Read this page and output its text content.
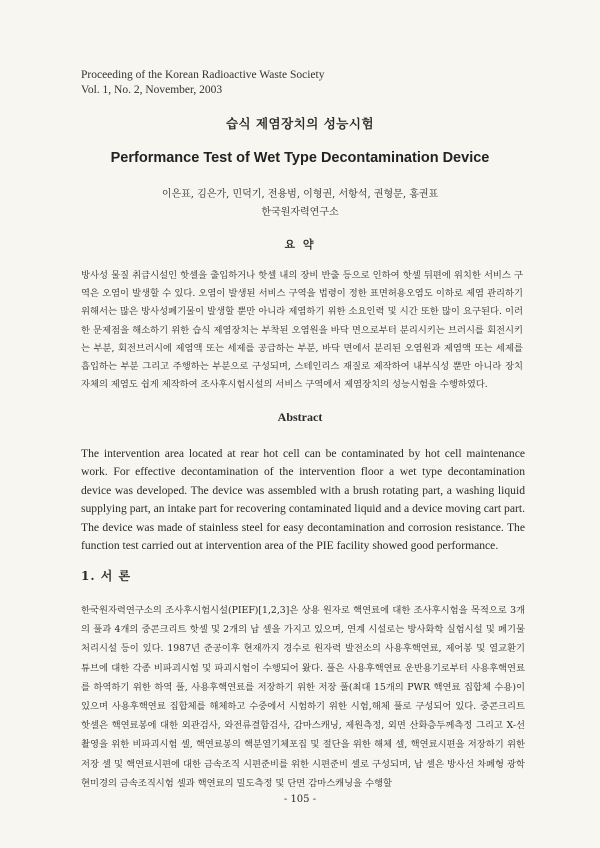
Proceeding of the Korean Radioactive Waste Society
Vol. 1, No. 2, November, 2003
습식 제염장치의 성능시험
Performance Test of Wet Type Decontamination Device
이은표, 김은가, 민덕기, 전용범, 이형권, 서항석, 권형문, 홍권표
한국원자력연구소
요 약

방사성 물질 취급시설인 핫셀을 출입하거나 핫셀 내의 장비 반출 등으로 인하여 핫셀 뒤편에 위치한 서비스 구역은 오염이 발생할 수 있다. 오염이 발생된 서비스 구역을 법령이 정한 표면허용오염도 이하로 제염 관리하기 위해서는 많은 방사성폐기물이 발생할 뿐만 아니라 제염하기 위한 소요인력 및 시간 또한 많이 요구된다. 이러한 문제점을 해소하기 위한 습식 제염장치는 부착된 오염원을 바닥 면으로부터 분리시키는 브러시를 회전시키는 부분, 회전브러시에 제염액 또는 세제를 공급하는 부분, 바닥 면에서 분리된 오염원과 제염액 또는 세제를 흡입하는 부분 그리고 주행하는 부분으로 구성되며, 스테인리스 재질로 제작하여 내부식성 뿐만 아니라 장치 자체의 제염도 쉽게 제작하여 조사후시험시설의 서비스 구역에서 제염장치의 성능시험을 수행하였다.

Abstract

The intervention area located at rear hot cell can be contaminated by hot cell maintenance work. For effective decontamination of the intervention floor a wet type decontamination device was developed. The device was assembled with a brush rotating part, a washing liquid supplying part, an intake part for recovering contaminated liquid and a device moving cart part. The device was made of stainless steel for easy decontamination and corrosion resistance. The function test carried out at intervention area of the PIE facility showed good performance.

1. 서 론

한국원자력연구소의 조사후시험시설(PIEF)[1,2,3]은 상용 원자로 핵연료에 대한 조사후시험을 목적으로 3개의 풀과 4개의 중콘크리트 핫셀 및 2개의 납 셀을 가지고 있으며, 연계 시설로는 방사화학 실험시설 및 폐기물처리시설 등이 있다. 1987년 준공이후 현재까지 경수로 원자력 발전소의 사용후핵연료, 제어봉 및 열교환기 튜브에 대한 각종 비파괴시험 및 파괴시험이 수행되어 왔다. 풀은 사용후핵연료 운반용기로부터 사용후핵연료를 하역하기 위한 하역 풀, 사용후핵연료를 저장하기 위한 저장 풀(최대 15개의 PWR 핵연료 집합체 수용)이 있으며 사용후핵연료 집합체를 해체하고 수중에서 시험하기 위한 시험,해체 풀로 구성되어 있다. 중콘크리트 핫셀은 핵연료봉에 대한 외관검사, 와전류결함검사, 감마스캐닝, 제원측정, 외면 산화층두께측정 그리고 X-선 촬영을 위한 비파괴시험 셀, 핵연료봉의 핵분열기체포집 및 절단을 위한 해체 셀, 핵연료시편을 저장하기 위한 저장 셀 및 핵연료시편에 대한 금속조직 시편준비를 위한 시편준비 셀로 구성되며, 납 셀은 방사선 차폐형 광학현미경의 금속조직시험 셀과 핵연료의 밀도측정 및 단면 감마스캐닝을 수행할

- 105 -
